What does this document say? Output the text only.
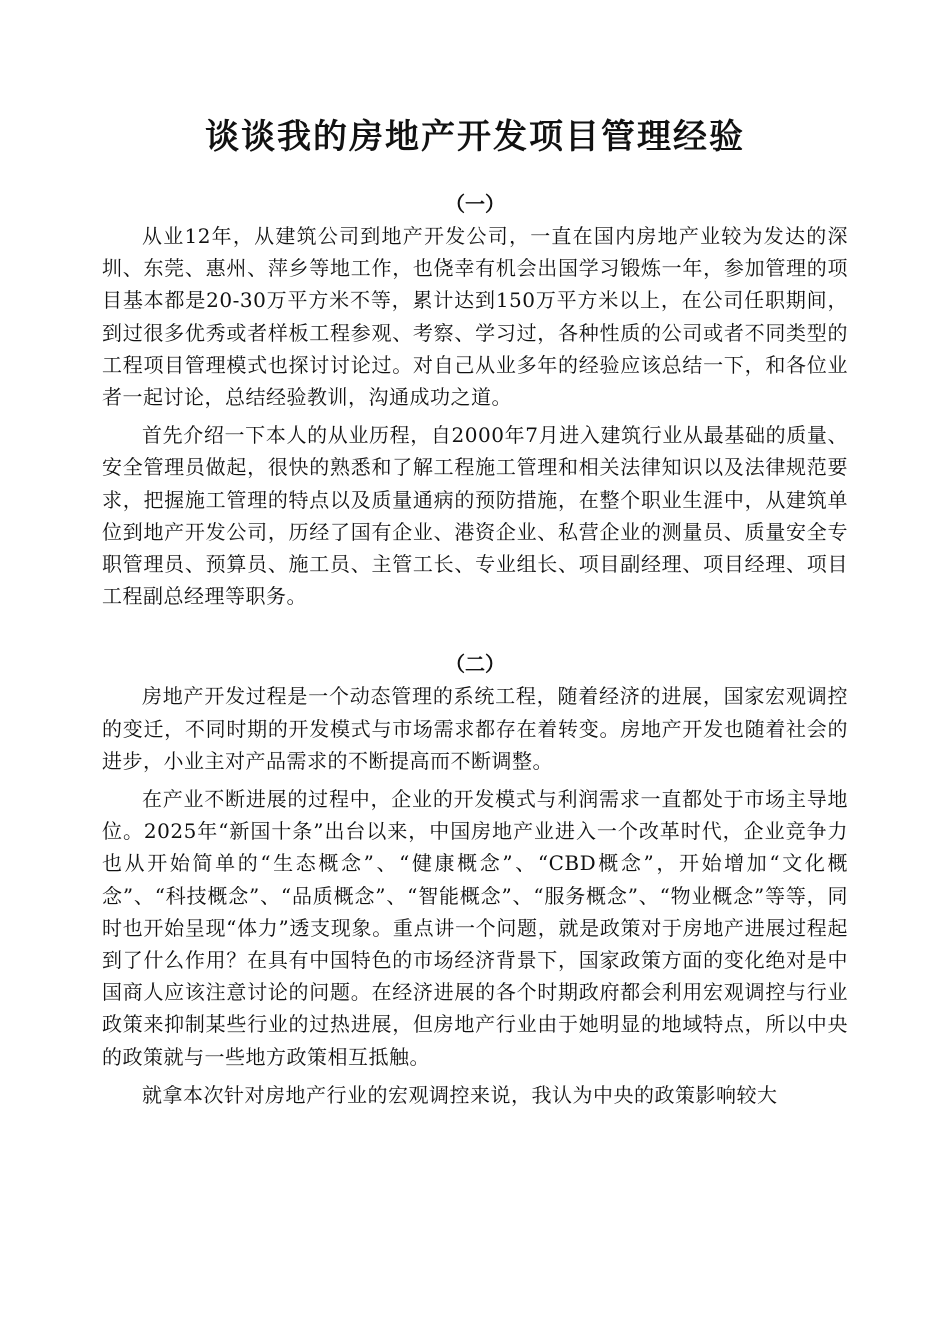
谈谈我的房地产开发项目管理经验
（一）

从业12年，从建筑公司到地产开发公司，一直在国内房地产业较为发达的深圳、东莞、惠州、萍乡等地工作，也侥幸有机会出国学习锻炼一年，参加管理的项目基本都是20-30万平方米不等，累计达到150万平方米以上，在公司任职期间，到过很多优秀或者样板工程参观、考察、学习过，各种性质的公司或者不同类型的工程项目管理模式也探讨讨论过。对自己从业多年的经验应该总结一下，和各位业者一起讨论，总结经验教训，沟通成功之道。

首先介绍一下本人的从业历程，自2000年7月进入建筑行业从最基础的质量、安全管理员做起，很快的熟悉和了解工程施工管理和相关法律知识以及法律规范要求，把握施工管理的特点以及质量通病的预防措施，在整个职业生涯中，从建筑单位到地产开发公司，历经了国有企业、港资企业、私营企业的测量员、质量安全专职管理员、预算员、施工员、主管工长、专业组长、项目副经理、项目经理、项目工程副总经理等职务。

（二）

房地产开发过程是一个动态管理的系统工程，随着经济的进展，国家宏观调控的变迁，不同时期的开发模式与市场需求都存在着转变。房地产开发也随着社会的进步，小业主对产品需求的不断提高而不断调整。

在产业不断进展的过程中，企业的开发模式与利润需求一直都处于市场主导地位。2025年“新国十条”出台以来，中国房地产业进入一个改革时代，企业竞争力也从开始简单的“生态概念”、“健康概念”、“CBD概念”，开始增加“文化概念”、“科技概念”、“品质概念”、“智能概念”、“服务概念”、“物业概念”等等，同时也开始呈现“体力”透支现象。重点讲一个问题，就是政策对于房地产进展过程起到了什么作用？在具有中国特色的市场经济背景下，国家政策方面的变化绝对是中国商人应该注意讨论的问题。在经济进展的各个时期政府都会利用宏观调控与行业政策来抑制某些行业的过热进展，但房地产行业由于她明显的地域特点，所以中央的政策就与一些地方政策相互抵触。

就拿本次针对房地产行业的宏观调控来说，我认为中央的政策影响较大
